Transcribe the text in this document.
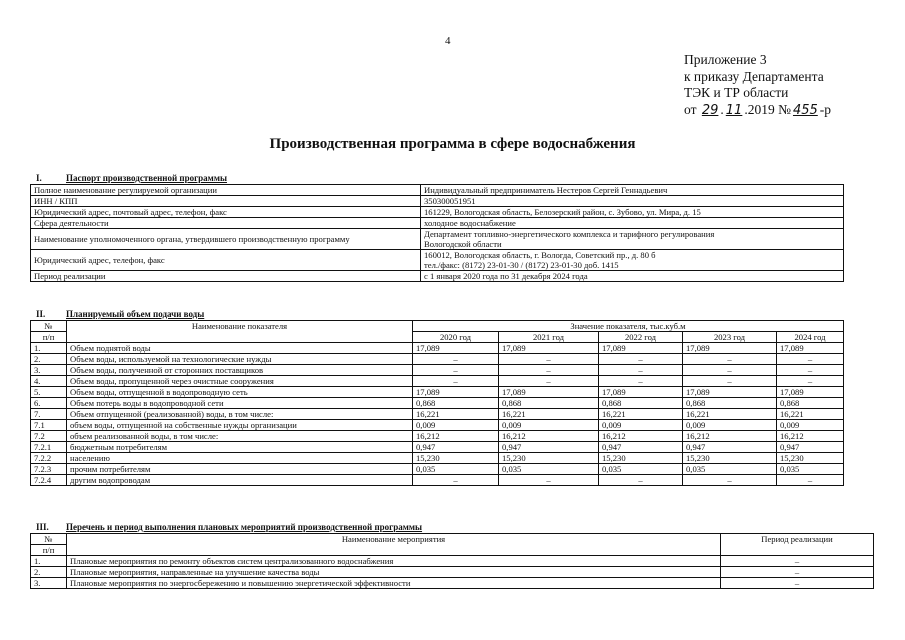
4
Приложение 3
к приказу Департамента
ТЭК и ТР области
от 29 . 11 .2019 № 455 -р
Производственная программа в сфере водоснабжения
I.	Паспорт производственной программы
Полное наименование регулируемой организации	Индивидуальный предприниматель Нестеров Сергей Геннадьевич

ИНН / КПП	350300051951

Юридический адрес, почтовый адрес, телефон, факс	161229, Вологодская область, Белозерский район, с. Зубово, ул. Мира, д. 15

Сфера деятельности	холодное водоснабжение

Наименование уполномоченного органа, утвердившего производственную программу	Департамент топливно-энергетического комплекса и тарифного регулирования
Вологодской области

Юридический адрес, телефон, факс	160012, Вологодская область, г. Вологда, Советский пр., д. 80 б
тел./факс: (8172) 23-01-30 / (8172) 23-01-30 доб. 1415

Период реализации	с 1 января 2020 года по 31 декабря 2024 года
II. Планируемый объем подачи воды
№	Наименование показателя	Значение показателя, тыс.куб.м				
п/п		2020 год	2021 год	2022 год	2023 год	2024 год
1.	Объем поднятой воды	17,089	17,089	17,089	17,089	17,089
2.	Объем воды, используемой на технологические нужды	–	–	–	–	–
3.	Объем воды, полученной от сторонних поставщиков	–	–	–	–	–
4.	Объем воды, пропущенной через очистные сооружения	–	–	–	–	–
5.	Объем воды, отпущенной в водопроводную сеть	17,089	17,089	17,089	17,089	17,089
6.	Объем потерь воды в водопроводной сети	0,868	0,868	0,868	0,868	0,868
7.	Объем отпущенной (реализованной) воды, в том числе:	16,221	16,221	16,221	16,221	16,221
7.1	объем воды, отпущенной на собственные нужды организации	0,009	0,009	0,009	0,009	0,009
7.2	объем реализованной воды, в том числе:	16,212	16,212	16,212	16,212	16,212
7.2.1	бюджетным потребителям	0,947	0,947	0,947	0,947	0,947
7.2.2	населению	15,230	15,230	15,230	15,230	15,230
7.2.3	прочим потребителям	0,035	0,035	0,035	0,035	0,035
7.2.4	другим водопроводам	–	–	–	–	–
III. Перечень и период выполнения плановых мероприятий производственной программы
№	Наименование мероприятия	Период реализации
п/п		
1.	Плановые мероприятия по ремонту объектов систем централизованного водоснабжения	–
2.	Плановые мероприятия, направленные на улучшение качества воды	–
3.	Плановые мероприятия по энергосбережению и повышению энергетической эффективности	–
